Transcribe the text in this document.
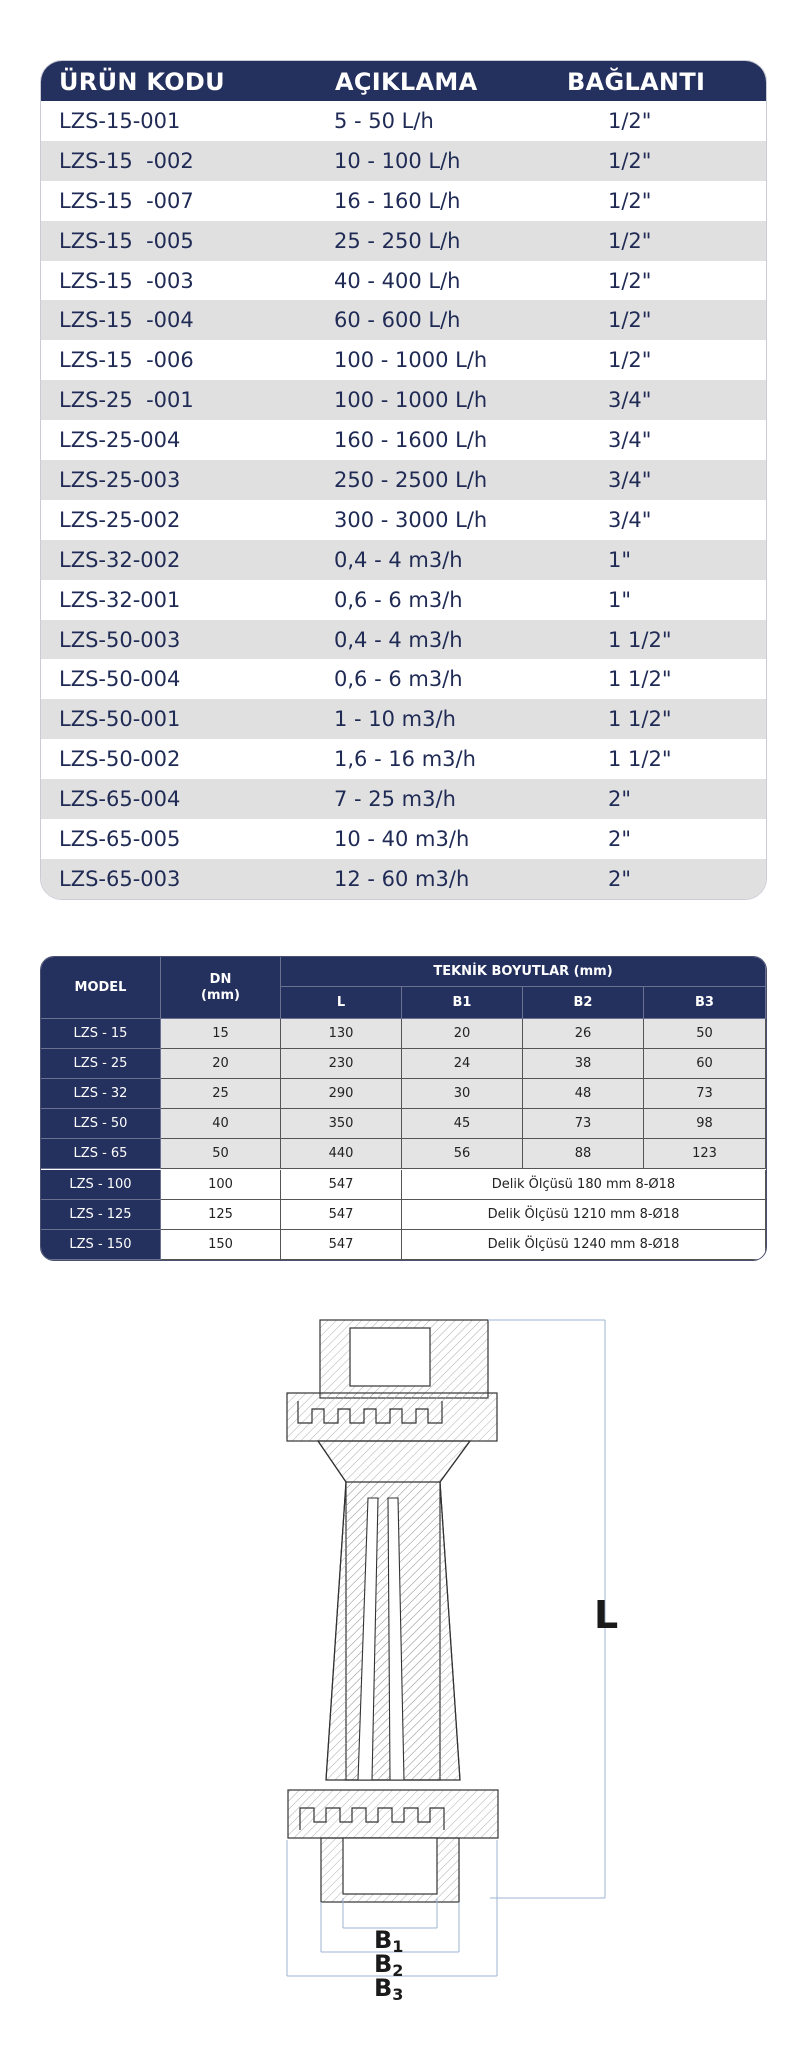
ÜRÜN KODU	AÇIKLAMA	BAĞLANTI
LZS-15-001	5 - 50 L/h	1/2"
LZS-15  -002	10 - 100 L/h	1/2"
LZS-15  -007	16 - 160 L/h	1/2"
LZS-15  -005	25 - 250 L/h	1/2"
LZS-15  -003	40 - 400 L/h	1/2"
LZS-15  -004	60 - 600 L/h	1/2"
LZS-15  -006	100 - 1000 L/h	1/2"
LZS-25  -001	100 - 1000 L/h	3/4"
LZS-25-004	160 - 1600 L/h	3/4"
LZS-25-003	250 - 2500 L/h	3/4"
LZS-25-002	300 - 3000 L/h	3/4"
LZS-32-002	0,4 - 4 m3/h	1"
LZS-32-001	0,6 - 6 m3/h	1"
LZS-50-003	0,4 - 4 m3/h	1 1/2"
LZS-50-004	0,6 - 6 m3/h	1 1/2"
LZS-50-001	1 - 10 m3/h	1 1/2"
LZS-50-002	1,6 - 16 m3/h	1 1/2"
LZS-65-004	7 - 25 m3/h	2"
LZS-65-005	10 - 40 m3/h	2"
LZS-65-003	12 - 60 m3/h	2"
MODEL
DN
(mm)
TEKNİK BOYUTLAR (mm)
L	B1	B2	B3
LZS - 15	15	130	20	26	50
LZS - 25	20	230	24	38	60
LZS - 32	25	290	30	48	73
LZS - 50	40	350	45	73	98
LZS - 65	50	440	56	88	123
LZS - 100	100	547	Delik Ölçüsü 180 mm 8-Ø18
LZS - 125	125	547	Delik Ölçüsü 1210 mm 8-Ø18
LZS - 150	150	547	Delik Ölçüsü 1240 mm 8-Ø18
L
B1
B2
B3
